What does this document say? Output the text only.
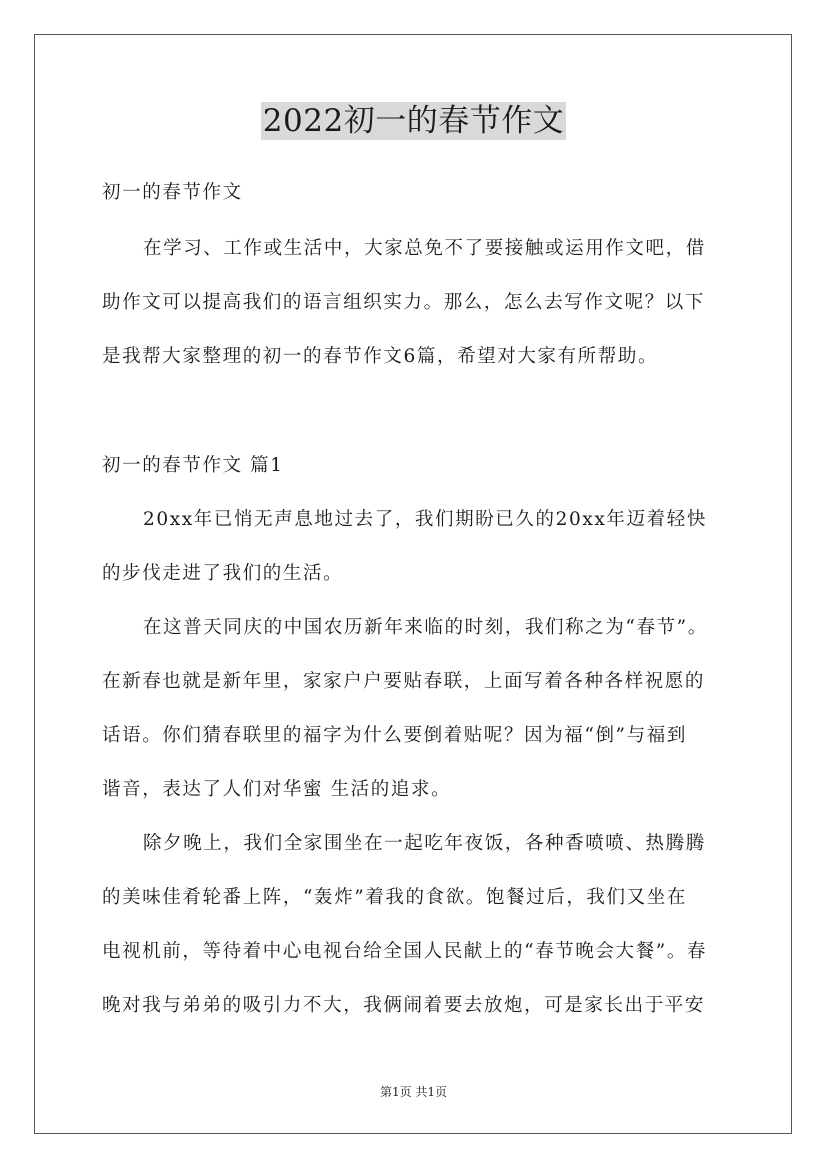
2022初一的春节作文
初一的春节作文
在学习、工作或生活中，大家总免不了要接触或运用作文吧，借
助作文可以提高我们的语言组织实力。那么，怎么去写作文呢？以下
是我帮大家整理的初一的春节作文6篇，希望对大家有所帮助。
初一的春节作文 篇1
20xx年已悄无声息地过去了，我们期盼已久的20xx年迈着轻快
的步伐走进了我们的生活。
在这普天同庆的中国农历新年来临的时刻，我们称之为“春节”。
在新春也就是新年里，家家户户要贴春联，上面写着各种各样祝愿的
话语。你们猜春联里的福字为什么要倒着贴呢？因为福“倒”与福到
谐音，表达了人们对华蜜 生活的追求。
除夕晚上，我们全家围坐在一起吃年夜饭，各种香喷喷、热腾腾
的美味佳肴轮番上阵，“轰炸”着我的食欲。饱餐过后，我们又坐在
电视机前，等待着中心电视台给全国人民献上的“春节晚会大餐”。春
晚对我与弟弟的吸引力不大，我俩闹着要去放炮，可是家长出于平安
第1页 共1页
